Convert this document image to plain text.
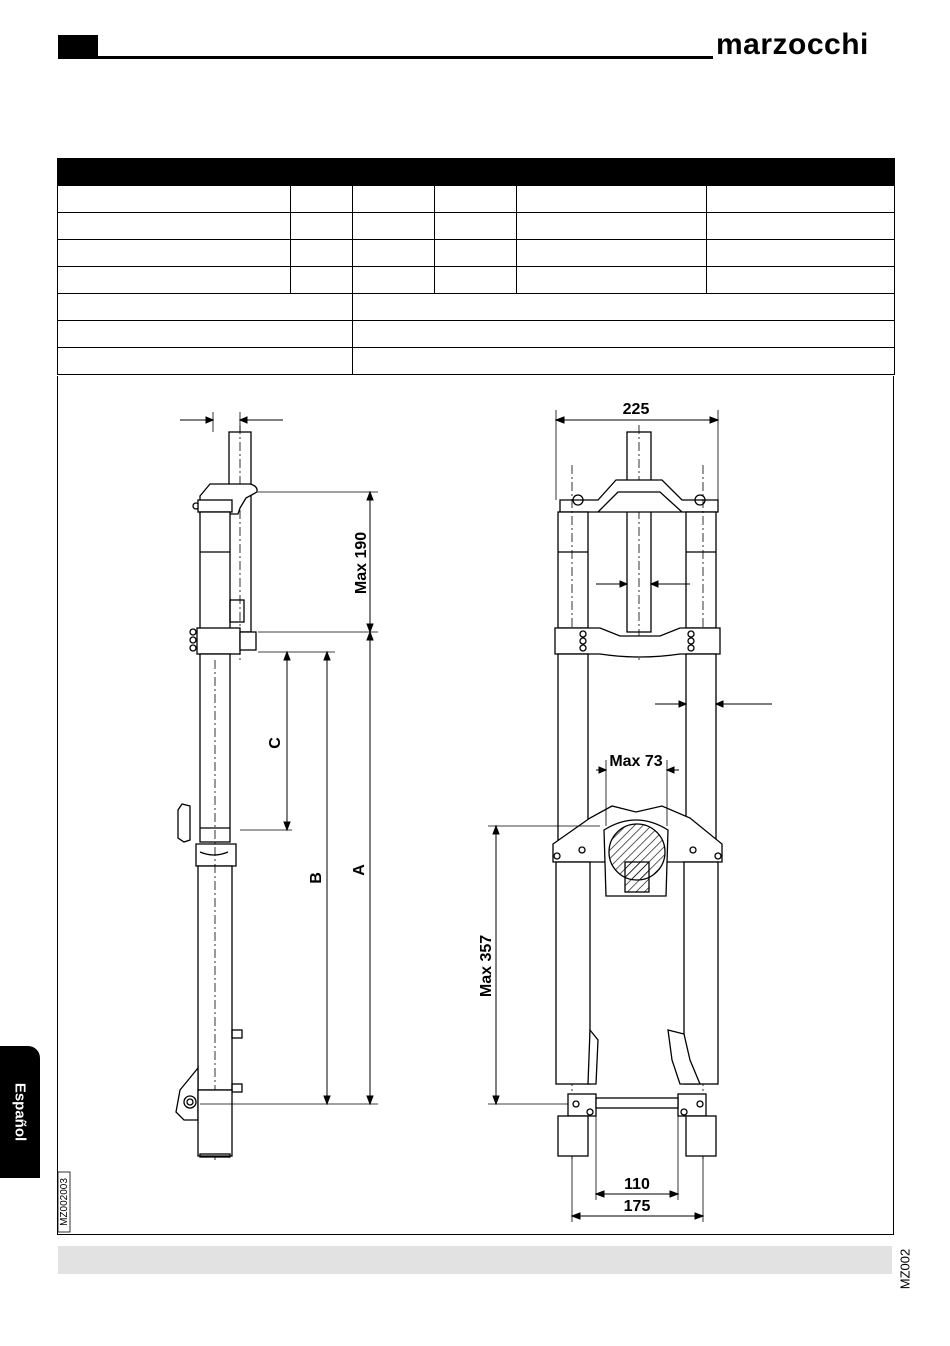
marzocchi

Max 190
C
B
A
225
Max 73
Max 357
110
175
MZ002003
Español
MZ002
